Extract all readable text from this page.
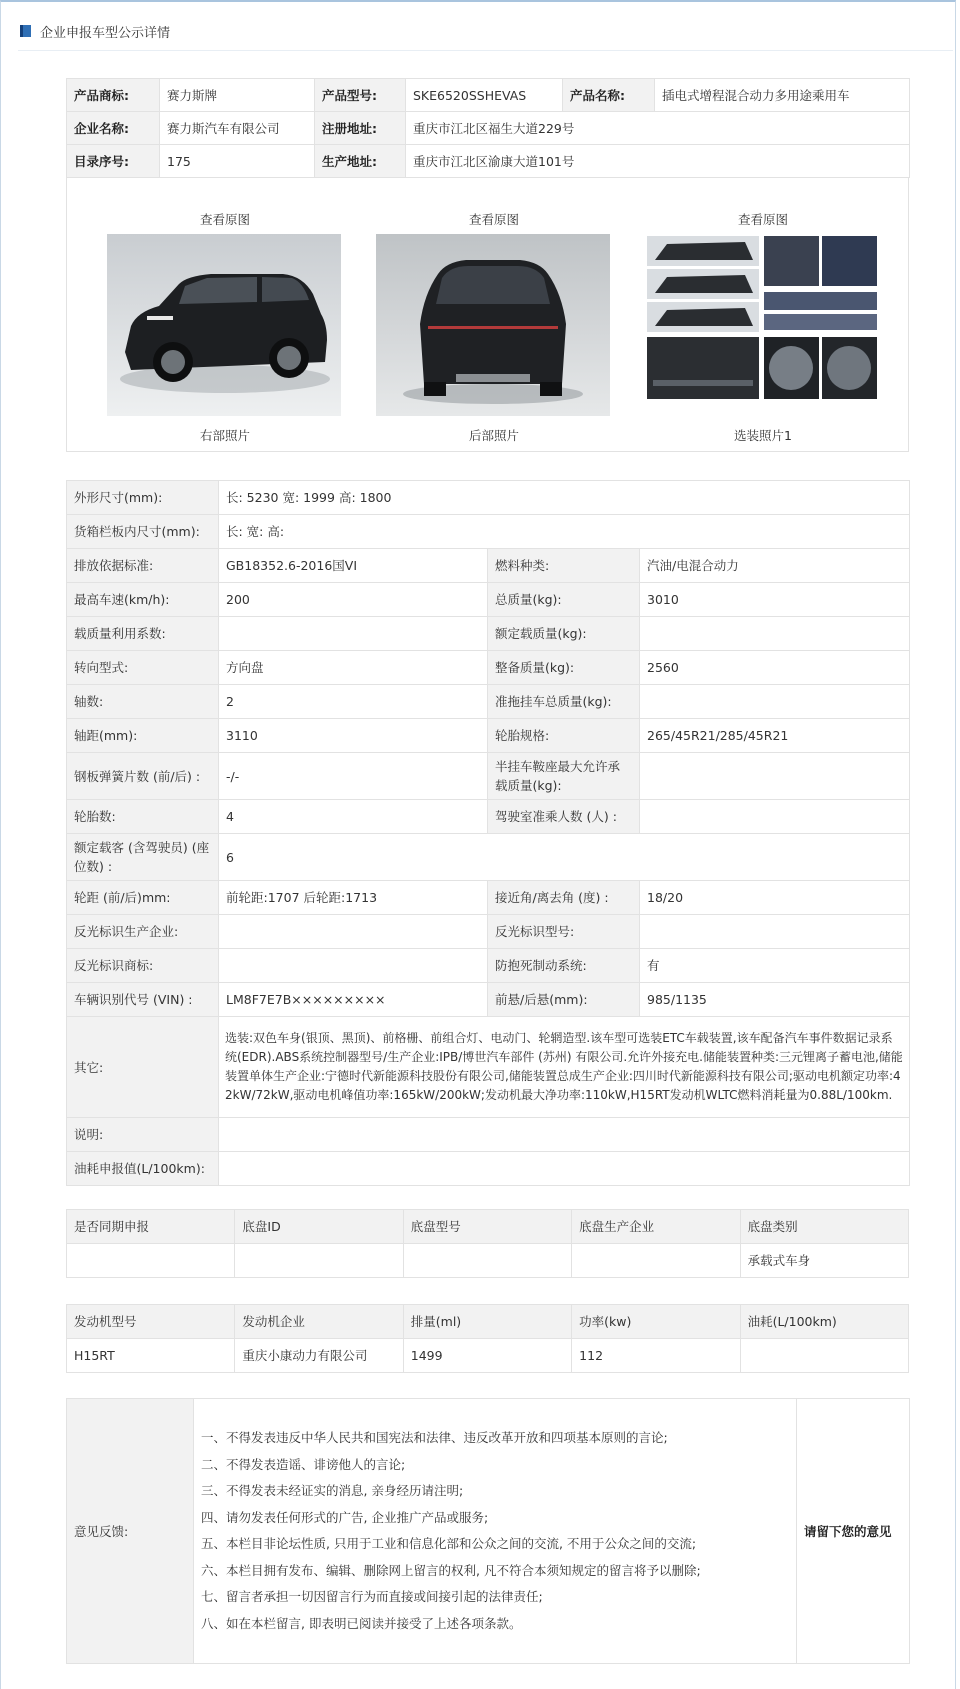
企业申报车型公示详情
产品商标:	赛力斯牌	产品型号:	SKE6520SSHEVAS	产品名称:	插电式增程混合动力多用途乘用车
企业名称:	赛力斯汽车有限公司	注册地址:	重庆市江北区福生大道229号		
目录序号:	175	生产地址:	重庆市江北区渝康大道101号		
查看原图
右部照片
查看原图
后部照片
查看原图
选装照片1
外形尺寸(mm):	长: 5230 宽: 1999 高: 1800		
货箱栏板内尺寸(mm):	长: 宽: 高:		
排放依据标准:	GB18352.6-2016国VI	燃料种类:	汽油/电混合动力
最高车速(km/h):	200	总质量(kg):	3010
载质量利用系数:		额定载质量(kg):	
转向型式:	方向盘	整备质量(kg):	2560
轴数:	2	准拖挂车总质量(kg):	
轴距(mm):	3110	轮胎规格:	265/45R21/285/45R21
钢板弹簧片数 (前/后) :	-/-	半挂车鞍座最大允许承载质量(kg):	
轮胎数:	4	驾驶室准乘人数 (人) :	
额定载客 (含驾驶员) (座位数) :	6		
轮距 (前/后)mm:	前轮距:1707 后轮距:1713	接近角/离去角 (度) :	18/20
反光标识生产企业:		反光标识型号:	
反光标识商标:		防抱死制动系统:	有
车辆识别代号 (VIN) :	LM8F7E7B×××××××××	前悬/后悬(mm):	985/1135
其它:	选装:双色车身(银顶、黑顶)、前格栅、前组合灯、电动门、轮辋造型.该车型可选装ETC车载装置,该车配备汽车事件数据记录系统(EDR).ABS系统控制器型号/生产企业:IPB/博世汽车部件 (苏州) 有限公司.允许外接充电.储能装置种类:三元锂离子蓄电池,储能装置单体生产企业:宁德时代新能源科技股份有限公司,储能装置总成生产企业:四川时代新能源科技有限公司;驱动电机额定功率:42kW/72kW,驱动电机峰值功率:165kW/200kW;发动机最大净功率:110kW,H15RT发动机WLTC燃料消耗量为0.88L/100km.		
说明:			
油耗申报值(L/100km):			
是否同期申报	底盘ID	底盘型号	底盘生产企业	底盘类别
				承载式车身
发动机型号	发动机企业	排量(ml)	功率(kw)	油耗(L/100km)
H15RT	重庆小康动力有限公司	1499	112	
意见反馈:	

一、不得发表违反中华人民共和国宪法和法律、违反改革开放和四项基本原则的言论;

二、不得发表造谣、诽谤他人的言论;

三、不得发表未经证实的消息, 亲身经历请注明;

四、请勿发表任何形式的广告, 企业推广产品或服务;

五、本栏目非论坛性质, 只用于工业和信息化部和公众之间的交流, 不用于公众之间的交流;

六、本栏目拥有发布、编辑、删除网上留言的权利, 凡不符合本须知规定的留言将予以删除;

七、留言者承担一切因留言行为而直接或间接引起的法律责任;

八、如在本栏留言, 即表明已阅读并接受了上述各项条款。

	请留下您的意见
